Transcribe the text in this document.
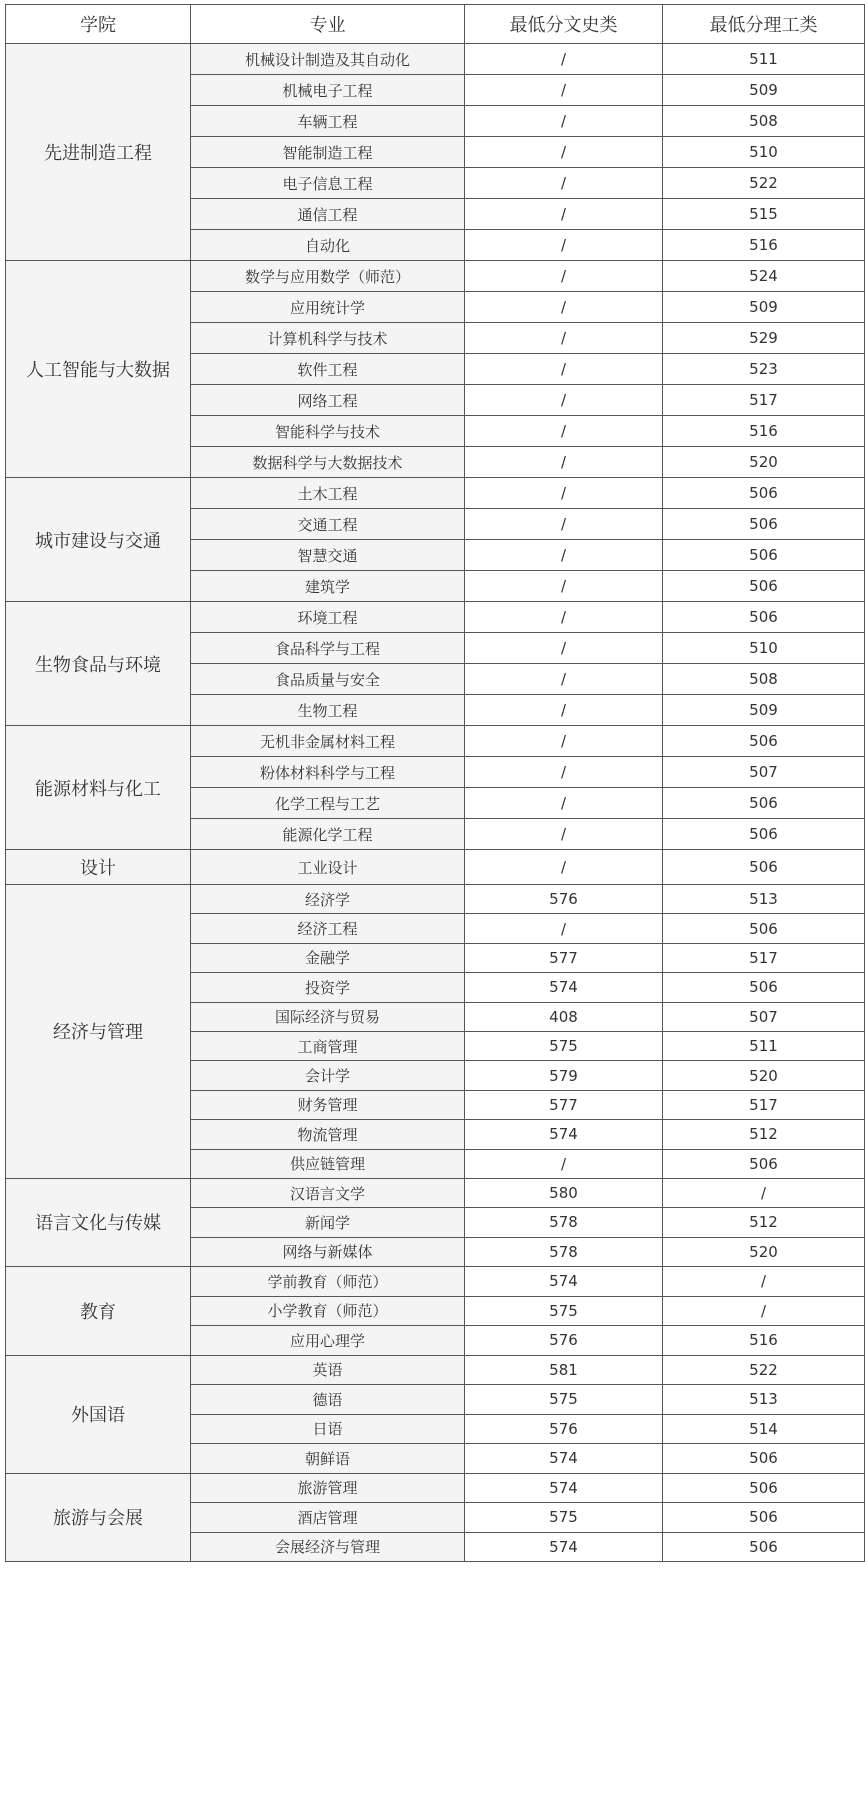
学院	专业	最低分文史类	最低分理工类
先进制造工程	机械设计制造及其自动化	/	511
	机械电子工程	/	509
	车辆工程	/	508
	智能制造工程	/	510
	电子信息工程	/	522
	通信工程	/	515
	自动化	/	516
人工智能与大数据	数学与应用数学（师范）	/	524
	应用统计学	/	509
	计算机科学与技术	/	529
	软件工程	/	523
	网络工程	/	517
	智能科学与技术	/	516
	数据科学与大数据技术	/	520
城市建设与交通	土木工程	/	506
	交通工程	/	506
	智慧交通	/	506
	建筑学	/	506
生物食品与环境	环境工程	/	506
	食品科学与工程	/	510
	食品质量与安全	/	508
	生物工程	/	509
能源材料与化工	无机非金属材料工程	/	506
	粉体材料科学与工程	/	507
	化学工程与工艺	/	506
	能源化学工程	/	506
设计	工业设计	/	506
经济与管理	经济学	576	513
	经济工程	/	506
	金融学	577	517
	投资学	574	506
	国际经济与贸易	408	507
	工商管理	575	511
	会计学	579	520
	财务管理	577	517
	物流管理	574	512
	供应链管理	/	506
语言文化与传媒	汉语言文学	580	/
	新闻学	578	512
	网络与新媒体	578	520
教育	学前教育（师范）	574	/
	小学教育（师范）	575	/
	应用心理学	576	516
外国语	英语	581	522
	德语	575	513
	日语	576	514
	朝鲜语	574	506
旅游与会展	旅游管理	574	506
	酒店管理	575	506
	会展经济与管理	574	506
